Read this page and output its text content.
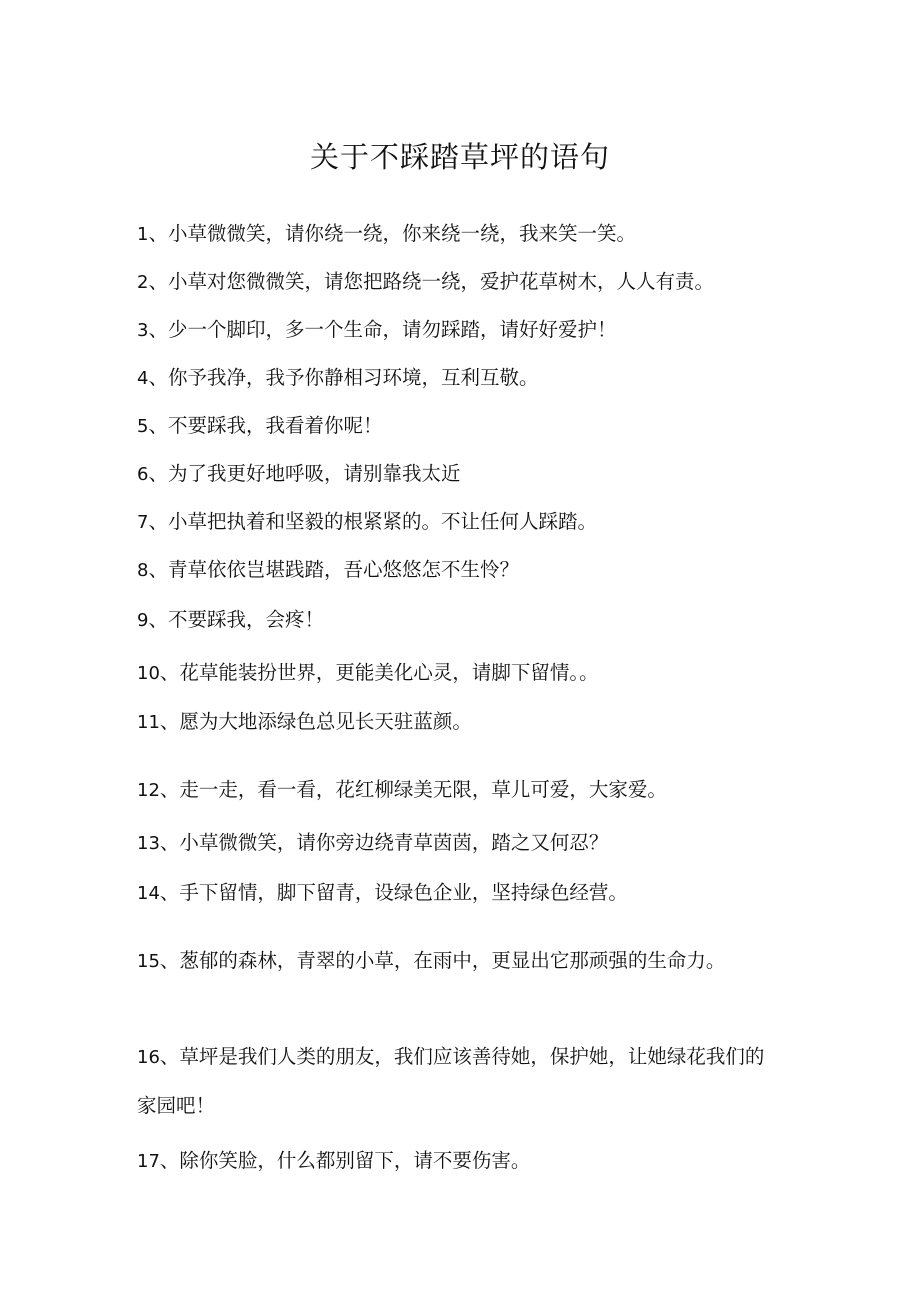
关于不踩踏草坪的语句
1、小草微微笑，请你绕一绕，你来绕一绕，我来笑一笑。
2、小草对您微微笑，请您把路绕一绕，爱护花草树木，人人有责。
3、少一个脚印，多一个生命，请勿踩踏，请好好爱护！
4、你予我净，我予你静相习环境，互利互敬。
5、不要踩我，我看着你呢！
6、为了我更好地呼吸，请别靠我太近
7、小草把执着和坚毅的根紧紧的。不让任何人踩踏。
8、青草依依岂堪践踏，吾心悠悠怎不生怜？
9、不要踩我，会疼！
10、花草能装扮世界，更能美化心灵，请脚下留情。。
11、愿为大地添绿色总见长天驻蓝颜。
12、走一走，看一看，花红柳绿美无限，草儿可爱，大家爱。
13、小草微微笑，请你旁边绕青草茵茵，踏之又何忍？
14、手下留情，脚下留青，设绿色企业，坚持绿色经营。
15、葱郁的森林，青翠的小草，在雨中，更显出它那顽强的生命力。
16、草坪是我们人类的朋友，我们应该善待她，保护她，让她绿花我们的家园吧！
17、除你笑脸，什么都别留下，请不要伤害。
